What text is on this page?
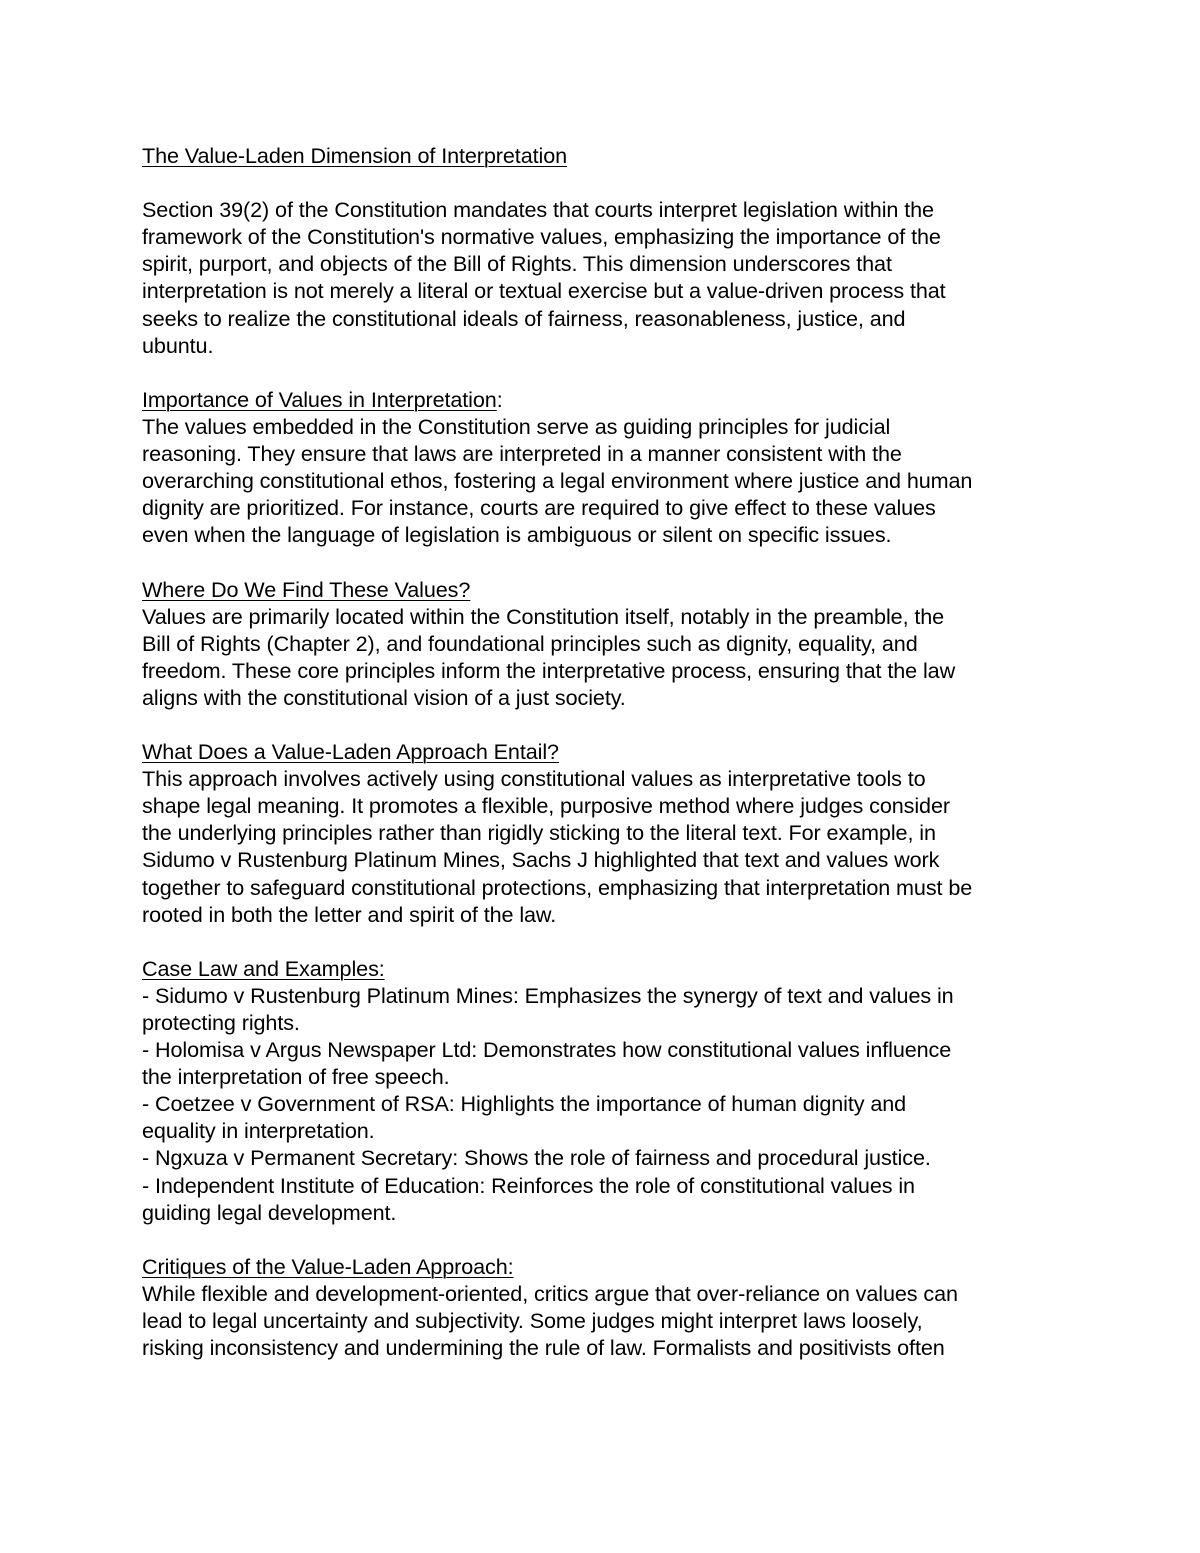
The Value-Laden Dimension of Interpretation
Section 39(2) of the Constitution mandates that courts interpret legislation within the
framework of the Constitution's normative values, emphasizing the importance of the
spirit, purport, and objects of the Bill of Rights. This dimension underscores that
interpretation is not merely a literal or textual exercise but a value-driven process that
seeks to realize the constitutional ideals of fairness, reasonableness, justice, and
ubuntu.
Importance of Values in Interpretation:
The values embedded in the Constitution serve as guiding principles for judicial
reasoning. They ensure that laws are interpreted in a manner consistent with the
overarching constitutional ethos, fostering a legal environment where justice and human
dignity are prioritized. For instance, courts are required to give effect to these values
even when the language of legislation is ambiguous or silent on specific issues.
Where Do We Find These Values?
Values are primarily located within the Constitution itself, notably in the preamble, the
Bill of Rights (Chapter 2), and foundational principles such as dignity, equality, and
freedom. These core principles inform the interpretative process, ensuring that the law
aligns with the constitutional vision of a just society.
What Does a Value-Laden Approach Entail?
This approach involves actively using constitutional values as interpretative tools to
shape legal meaning. It promotes a flexible, purposive method where judges consider
the underlying principles rather than rigidly sticking to the literal text. For example, in
Sidumo v Rustenburg Platinum Mines, Sachs J highlighted that text and values work
together to safeguard constitutional protections, emphasizing that interpretation must be
rooted in both the letter and spirit of the law.
Case Law and Examples:
- Sidumo v Rustenburg Platinum Mines: Emphasizes the synergy of text and values in
protecting rights.
- Holomisa v Argus Newspaper Ltd: Demonstrates how constitutional values influence
the interpretation of free speech.
- Coetzee v Government of RSA: Highlights the importance of human dignity and
equality in interpretation.
- Ngxuza v Permanent Secretary: Shows the role of fairness and procedural justice.
- Independent Institute of Education: Reinforces the role of constitutional values in
guiding legal development.
Critiques of the Value-Laden Approach:
While flexible and development-oriented, critics argue that over-reliance on values can
lead to legal uncertainty and subjectivity. Some judges might interpret laws loosely,
risking inconsistency and undermining the rule of law. Formalists and positivists often
